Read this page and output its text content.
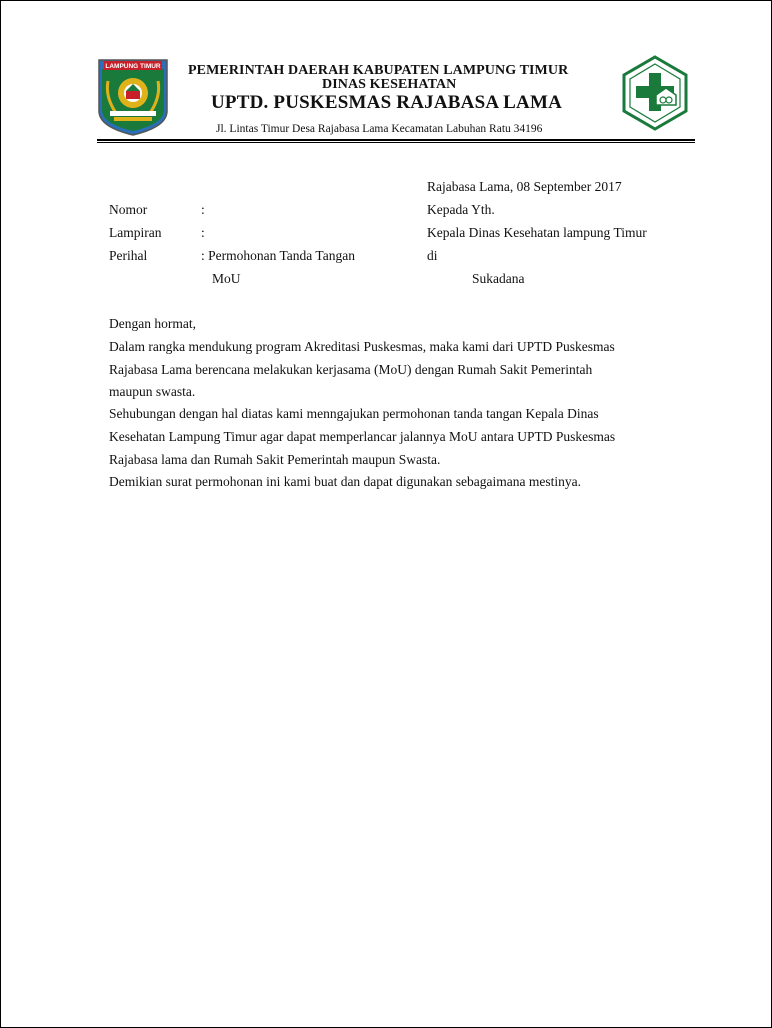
LAMPUNG TIMUR PEMERINTAH DAERAH KABUPATEN LAMPUNG TIMUR
DINAS KESEHATAN
UPTD. PUSKESMAS RAJABASA LAMA
Jl. Lintas Timur Desa Rajabasa Lama Kecamatan Labuhan Ratu 34196
Rajabasa Lama, 08 September 2017
Nomor	:
Lampiran	:
Perihal	: Permohonan Tanda Tangan
MoU
Kepada Yth.
Kepala Dinas Kesehatan lampung Timur
di
Sukadana
Dengan hormat,
Dalam rangka mendukung program Akreditasi Puskesmas, maka kami dari UPTD Puskesmas
Rajabasa Lama berencana melakukan kerjasama (MoU) dengan Rumah Sakit Pemerintah
maupun swasta.
Sehubungan dengan hal diatas kami menngajukan permohonan tanda tangan Kepala Dinas
Kesehatan Lampung Timur agar dapat memperlancar jalannya MoU antara UPTD Puskesmas
Rajabasa lama dan Rumah Sakit Pemerintah maupun Swasta.
Demikian surat permohonan ini kami buat dan dapat digunakan sebagaimana mestinya.
